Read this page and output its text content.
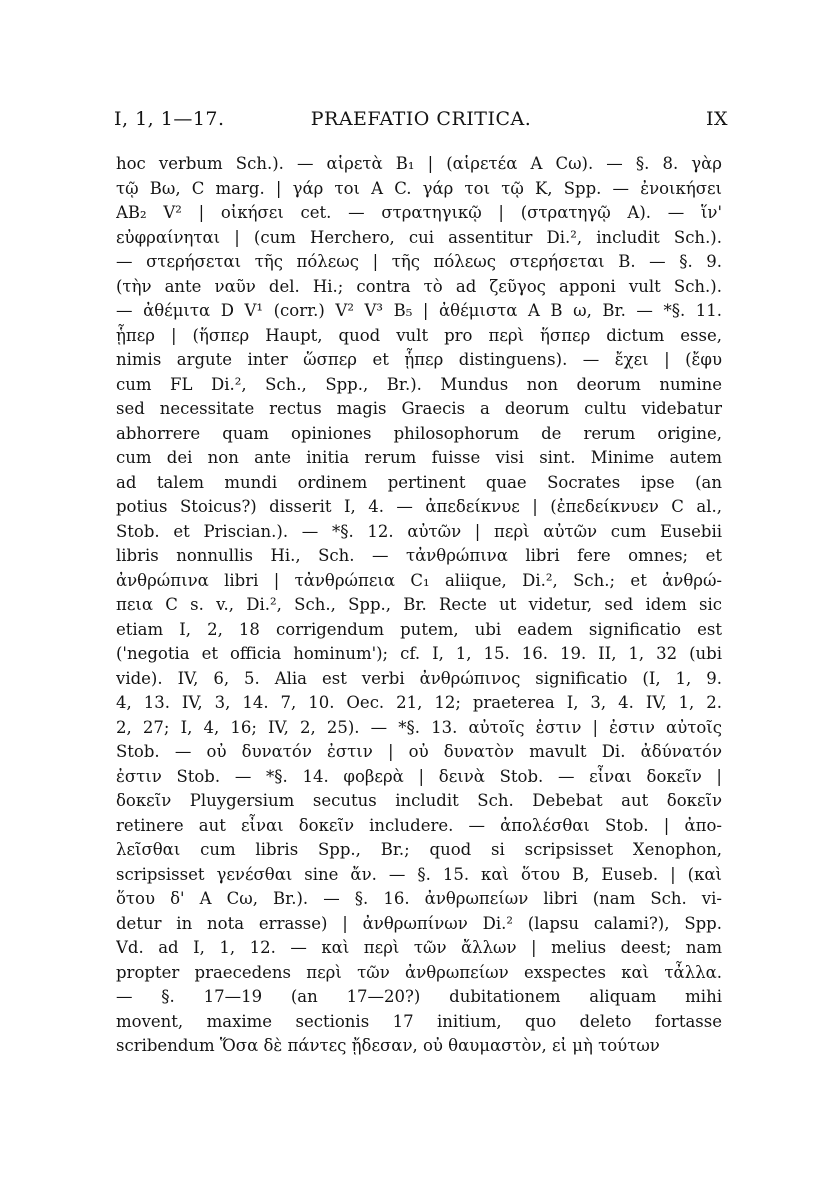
I, 1, 1—17.	PRAEFATIO CRITICA.	IX
hoc verbum Sch.). — αἱρετὰ B₁ | (αἱρετέα A Cω). — §. 8. γὰρ
τῷ Bω, C marg. | γάρ τοι A C. γάρ τοι τῷ K, Spp. — ἐνοικήσει
AB₂ V² | οἰκήσει cet. — στρατηγικῷ | (στρατηγῷ A). — ἵν'
εὐφραίνηται | (cum Herchero, cui assentitur Di.², includit Sch.).
— στερήσεται τῆς πόλεως | τῆς πόλεως στερήσεται B. — §. 9.
(τὴν ante ναῦν del. Hi.; contra τὸ ad ζεῦγος apponi vult Sch.).
— ἀθέμιτα D V¹ (corr.) V² V³ B₅ | ἀθέμιστα A B ω, Br. — *§. 11.
ᾗπερ | (ἥσπερ Haupt, quod vult pro περὶ ἥσπερ dictum esse,
nimis argute inter ὥσπερ et ᾗπερ distinguens). — ἔχει | (ἔφυ
cum FL Di.², Sch., Spp., Br.). Mundus non deorum numine
sed necessitate rectus magis Graecis a deorum cultu videbatur
abhorrere quam opiniones philosophorum de rerum origine,
cum dei non ante initia rerum fuisse visi sint. Minime autem
ad talem mundi ordinem pertinent quae Socrates ipse (an
potius Stoicus?) disserit I, 4. — ἀπεδείκνυε | (ἐπεδείκνυεν C al.,
Stob. et Priscian.). — *§. 12. αὐτῶν | περὶ αὐτῶν cum Eusebii
libris nonnullis Hi., Sch. — τἀνθρώπινα libri fere omnes; et
ἀνθρώπινα libri | τἀνθρώπεια C₁ aliique, Di.², Sch.; et ἀνθρώ-
πεια C s. v., Di.², Sch., Spp., Br. Recte ut videtur, sed idem sic
etiam I, 2, 18 corrigendum putem, ubi eadem significatio est
('negotia et officia hominum'); cf. I, 1, 15. 16. 19. II, 1, 32 (ubi
vide). IV, 6, 5. Alia est verbi ἀνθρώπινος significatio (I, 1, 9.
4, 13. IV, 3, 14. 7, 10. Oec. 21, 12; praeterea I, 3, 4. IV, 1, 2.
2, 27; I, 4, 16; IV, 2, 25). — *§. 13. αὐτοῖς ἐστιν | ἐστιν αὐτοῖς
Stob. — οὐ δυνατόν ἐστιν | οὐ δυνατὸν mavult Di. ἀδύνατόν
ἐστιν Stob. — *§. 14. φοβερὰ | δεινὰ Stob. — εἶναι δοκεῖν |
δοκεῖν Pluygersium secutus includit Sch. Debebat aut δοκεῖν
retinere aut εἶναι δοκεῖν includere. — ἀπολέσθαι Stob. | ἀπο-
λεῖσθαι cum libris Spp., Br.; quod si scripsisset Xenophon,
scripsisset γενέσθαι sine ἄν. — §. 15. καὶ ὅτου B, Euseb. | (καὶ
ὅτου δ' A Cω, Br.). — §. 16. ἀνθρωπείων libri (nam Sch. vi-
detur in nota errasse) | ἀνθρωπίνων Di.² (lapsu calami?), Spp.
Vd. ad I, 1, 12. — καὶ περὶ τῶν ἄλλων | melius deest; nam
propter praecedens περὶ τῶν ἀνθρωπείων exspectes καὶ τἆλλα.
— §. 17—19 (an 17—20?) dubitationem aliquam mihi
movent, maxime sectionis 17 initium, quo deleto fortasse
scribendum Ὅσα δὲ πάντες ᾔδεσαν, οὐ θαυμαστὸν, εἰ μὴ τούτων
